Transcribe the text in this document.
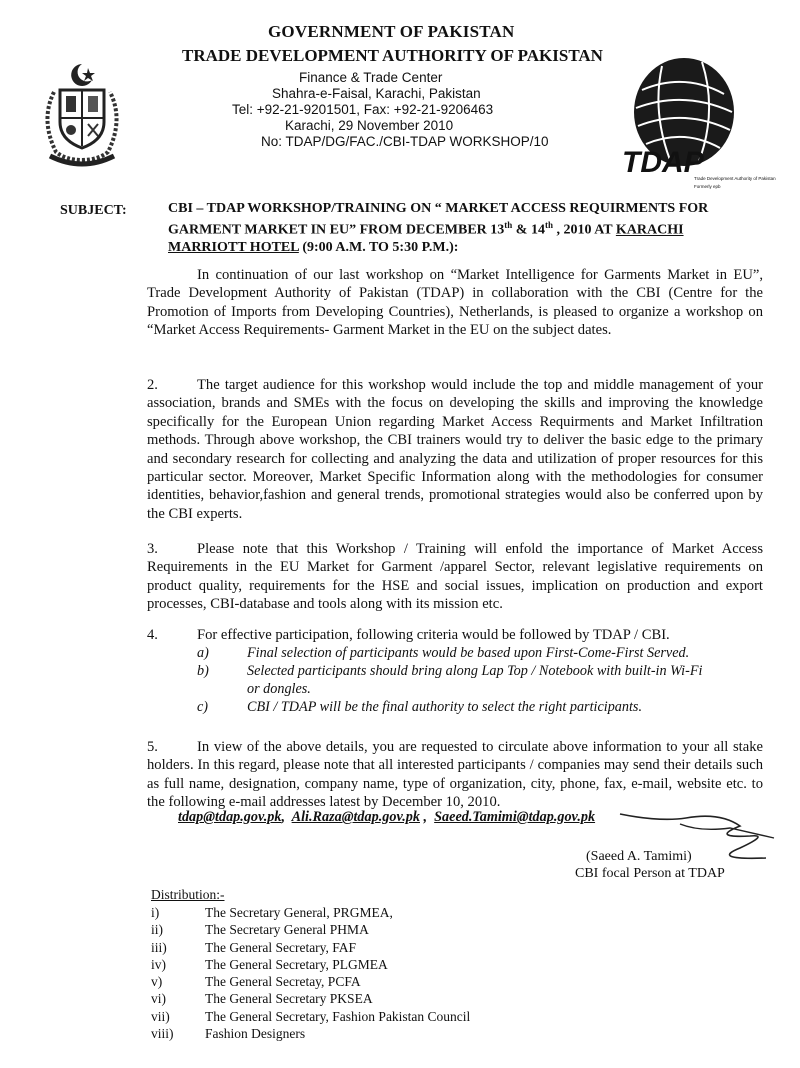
GOVERNMENT OF PAKISTAN
TRADE DEVELOPMENT AUTHORITY OF PAKISTAN
Finance & Trade Center
Shahra-e-Faisal, Karachi, Pakistan
Tel: +92-21-9201501, Fax: +92-21-9206463
Karachi, 29 November 2010
No: TDAP/DG/FAC./CBI-TDAP WORKSHOP/10
TDAP
Trade Development Authority of Pakistan
Formerly epb
SUBJECT:	CBI – TDAP WORKSHOP/TRAINING ON “ MARKET ACCESS REQUIRMENTS FOR
GARMENT MARKET IN EU” FROM DECEMBER 13th & 14th , 2010 AT KARACHI
MARRIOTT HOTEL (9:00 A.M. TO 5:30 P.M.):
In continuation of our last workshop on “Market Intelligence for Garments Market in EU”, Trade Development Authority of Pakistan (TDAP) in collaboration with the CBI (Centre for the Promotion of Imports from Developing Countries), Netherlands, is pleased to organize a workshop on “Market Access Requirements- Garment Market in the EU on the subject dates.
2.	The target audience for this workshop would include the top and middle management of your association, brands and SMEs with the focus on developing the skills and improving the knowledge specifically for the European Union regarding Market Access Requirments and Market Infiltration methods. Through above workshop, the CBI trainers would try to deliver the basic edge to the primary and secondary research for collecting and analyzing the data and utilization of proper resources for this particular sector. Moreover, Market Specific Information along with the methodologies for consumer identities, behavior,fashion and general trends, promotional strategies would also be conferred upon by the CBI experts.
3.	Please note that this Workshop / Training will enfold the importance of Market Access Requirements in the EU Market for Garment /apparel Sector, relevant legislative requirements on product quality, requirements for the HSE and social issues, implication on production and export processes, CBI-database and tools along with its mission etc.
4.	For effective participation, following criteria would be followed by TDAP / CBI.
a)	Final selection of participants would be based upon First-Come-First Served.
b)	Selected participants should bring along Lap Top / Notebook with built-in Wi-Fi
or dongles.
c)	CBI / TDAP will be the final authority to select the right participants.
5.	In view of the above details, you are requested to circulate above information to your all stake holders. In this regard, please note that all interested participants / companies may send their details such as full name, designation, company name, type of organization, city, phone, fax, e-mail, website etc. to the following e-mail addresses latest by December 10, 2010.
tdap@tdap.gov.pk,  Ali.Raza@tdap.gov.pk ,  Saeed.Tamimi@tdap.gov.pk
(Saeed A. Tamimi)
CBI focal Person at TDAP
Distribution:-
i)	The Secretary General, PRGMEA,
ii)	The Secretary General PHMA
iii)	The General Secretary, FAF
iv)	The General Secretary, PLGMEA
v)	The General Secretay, PCFA
vi)	The General Secretary PKSEA
vii)	The General Secretary, Fashion Pakistan Council
viii) Fashion Designers
